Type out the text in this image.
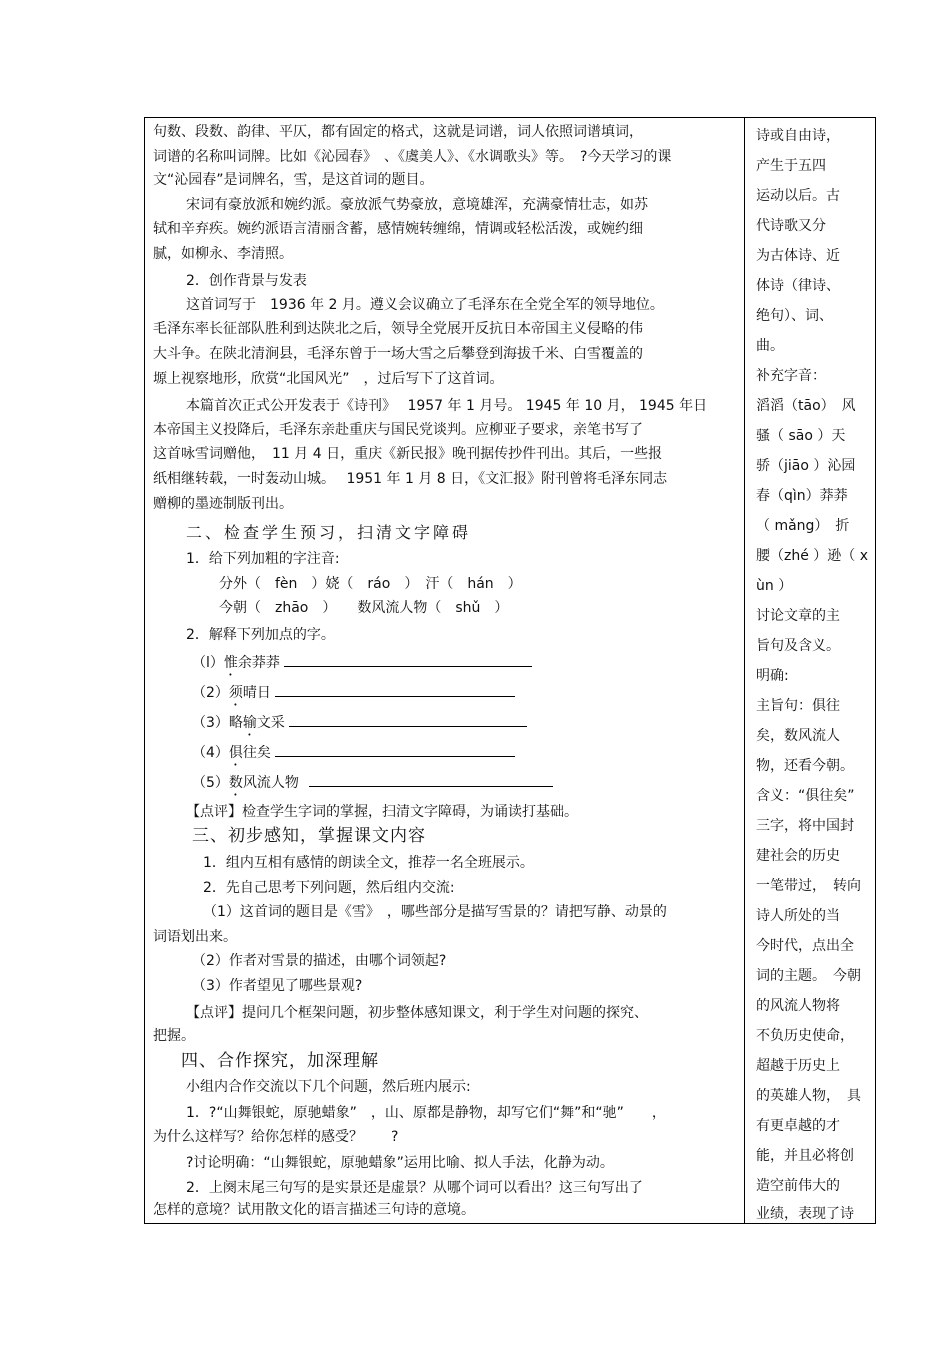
句数、段数、韵律、平仄，都有固定的格式，这就是词谱，词人依照词谱填词，
词谱的名称叫词牌。比如《沁园春》　、《虞美人》、《水调歌头》等。　?今天学习的课
文“沁园春”是词牌名，雪，是这首词的题目。
宋词有豪放派和婉约派。豪放派气势豪放，意境雄浑，充满豪情壮志，如苏
轼和辛弃疾。婉约派语言清丽含蓄，感情婉转缠绵，情调或轻松活泼，或婉约细
腻，如柳永、李清照。
2．创作背景与发表
这首词写于　1936 年 2 月。遵义会议确立了毛泽东在全党全军的领导地位。
毛泽东率长征部队胜利到达陕北之后，领导全党展开反抗日本帝国主义侵略的伟
大斗争。在陕北清涧县，毛泽东曾于一场大雪之后攀登到海拔千米、白雪覆盖的
塬上视察地形，欣赏“北国风光”　，过后写下了这首词。
本篇首次正式公开发表于《诗刊》　 1957 年 1 月号。 1945 年 10 月， 1945 年日
本帝国主义投降后，毛泽东亲赴重庆与国民党谈判。应柳亚子要求，亲笔书写了
这首咏雪词赠他，　11 月 4 日，重庆《新民报》晚刊据传抄件刊出。其后，一些报
纸相继转载，一时轰动山城。　 1951 年 1 月 8 日，《文汇报》附刊曾将毛泽东同志
赠柳的墨迹制版刊出。
二、检查学生预习，扫清文字障碍
1．给下列加粗的字注音:
分外（　fèn　）娆（　ráo　）　汗（　hán　）
今朝（　zhāo　）　　数风流人物（　shǔ　）
2．解释下列加点的字。
（l）惟余莽莽
（2）须晴日
（3）略输文采
（4）俱往矣
（5）数风流人物
【点评】检查学生字词的掌握，扫清文字障碍，为诵读打基础。
三、初步感知，掌握课文内容
1．组内互相有感情的朗读全文，推荐一名全班展示。
2．先自己思考下列问题，然后组内交流:
（1）这首词的题目是《雪》　，哪些部分是描写雪景的？请把写静、动景的
词语划出来。
（2）作者对雪景的描述，由哪个词领起?
（3）作者望见了哪些景观?
【点评】提问几个框架问题，初步整体感知课文，利于学生对问题的探究、
把握。
四、合作探究，加深理解
小组内合作交流以下几个问题，然后班内展示:
1．?“山舞银蛇，原驰蜡象”　，山、原都是静物，却写它们“舞”和“驰”　　，
为什么这样写？给你怎样的感受？　　?
?讨论明确：“山舞银蛇，原驰蜡象”运用比喻、拟人手法，化静为动。
2．上阕末尾三句写的是实景还是虚景？从哪个词可以看出？这三句写出了
怎样的意境？试用散文化的语言描述三句诗的意境。
诗或自由诗，
产生于五四
运动以后。古
代诗歌又分
为古体诗、近
体诗（律诗、
绝句）、词、
曲。
补充字音：
滔滔（tāo）　风
骚（ sāo ）天
骄（jiāo ）沁园
春（qìn）莽莽
（ mǎng）　折
腰（zhé ）逊（ x
ùn ）
讨论文章的主
旨句及含义。
明确:
主旨句：俱往
矣，数风流人
物，还看今朝。
含义：“俱往矣”
三字，将中国封
建社会的历史
一笔带过，　转向
诗人所处的当
今时代，点出全
词的主题。　今朝
的风流人物将
不负历史使命，
超越于历史上
的英雄人物，　具
有更卓越的才
能，并且必将创
造空前伟大的
业绩，表现了诗
